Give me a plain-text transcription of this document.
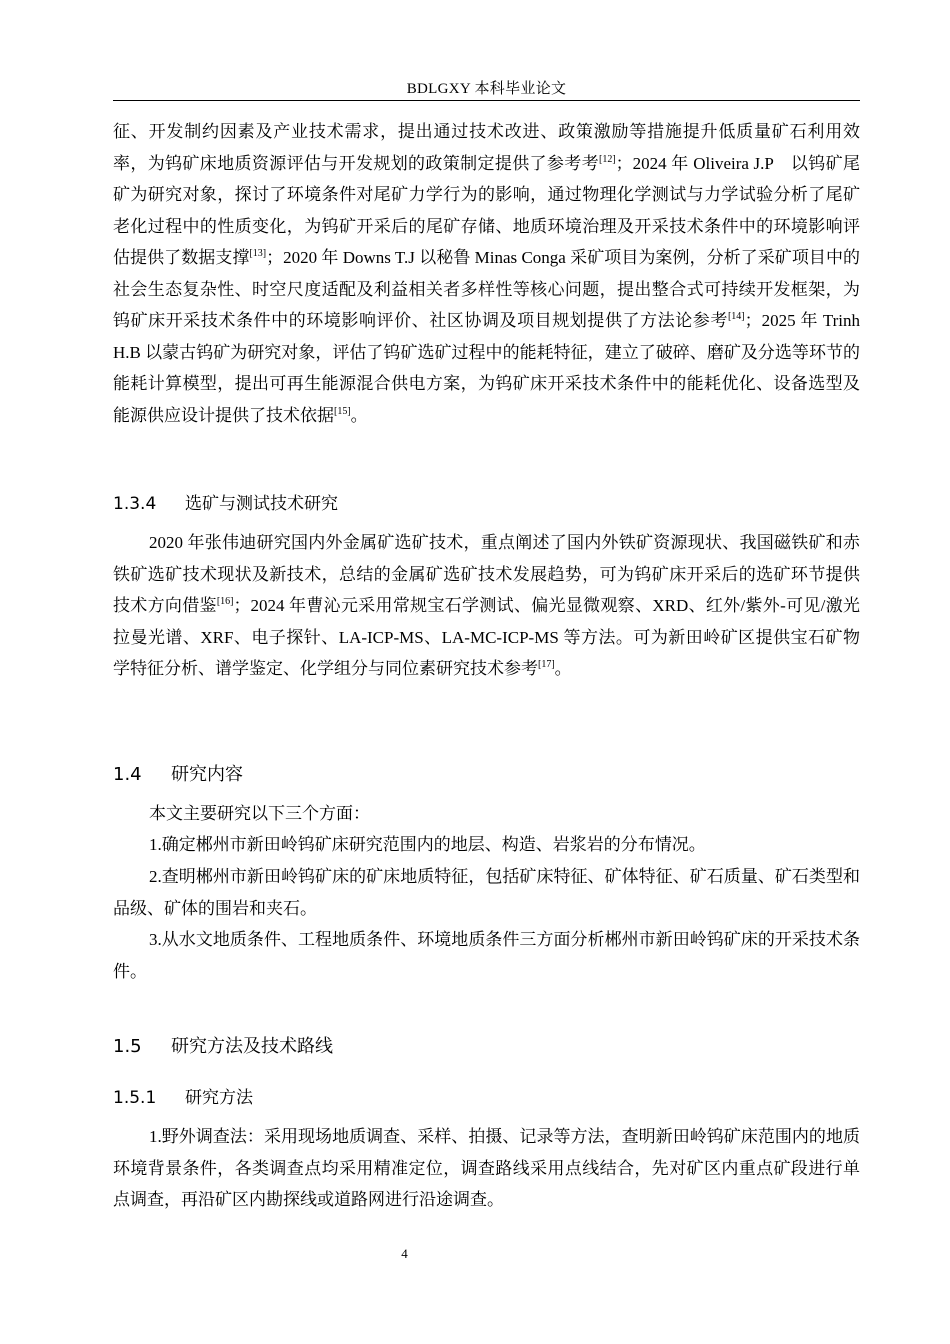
BDLGXY 本科毕业论文

征、开发制约因素及产业技术需求，提出通过技术改进、政策激励等措施提升低质量矿石利用效率，为钨矿床地质资源评估与开发规划的政策制定提供了参考考[12]；2024 年 Oliveira J.P　以钨矿尾矿为研究对象，探讨了环境条件对尾矿力学行为的影响，通过物理化学测试与力学试验分析了尾矿老化过程中的性质变化，为钨矿开采后的尾矿存储、地质环境治理及开采技术条件中的环境影响评估提供了数据支撑[13]；2020 年 Downs T.J 以秘鲁 Minas Conga 采矿项目为案例，分析了采矿项目中的社会生态复杂性、时空尺度适配及利益相关者多样性等核心问题，提出整合式可持续开发框架，为钨矿床开采技术条件中的环境影响评价、社区协调及项目规划提供了方法论参考[14]；2025 年 Trinh H.B 以蒙古钨矿为研究对象，评估了钨矿选矿过程中的能耗特征，建立了破碎、磨矿及分选等环节的能耗计算模型，提出可再生能源混合供电方案，为钨矿床开采技术条件中的能耗优化、设备选型及能源供应设计提供了技术依据[15]。

1.3.4 选矿与测试技术研究

2020 年张伟迪研究国内外金属矿选矿技术，重点阐述了国内外铁矿资源现状、我国磁铁矿和赤铁矿选矿技术现状及新技术，总结的金属矿选矿技术发展趋势，可为钨矿床开采后的选矿环节提供技术方向借鉴[16]；2024 年曹沁元采用常规宝石学测试、偏光显微观察、XRD、红外/紫外-可见/激光拉曼光谱、XRF、电子探针、LA-ICP-MS、LA-MC-ICP-MS 等方法。可为新田岭矿区提供宝石矿物学特征分析、谱学鉴定、化学组分与同位素研究技术参考[17]。

1.4 研究内容

本文主要研究以下三个方面：

1.确定郴州市新田岭钨矿床研究范围内的地层、构造、岩浆岩的分布情况。

2.查明郴州市新田岭钨矿床的矿床地质特征，包括矿床特征、矿体特征、矿石质量、矿石类型和品级、矿体的围岩和夹石。

3.从水文地质条件、工程地质条件、环境地质条件三方面分析郴州市新田岭钨矿床的开采技术条件。

1.5 研究方法及技术路线
1.5.1 研究方法

1.野外调查法：采用现场地质调查、采样、拍摄、记录等方法，查明新田岭钨矿床范围内的地质环境背景条件，各类调查点均采用精准定位，调查路线采用点线结合，先对矿区内重点矿段进行单点调查，再沿矿区内勘探线或道路网进行沿途调查。

4
